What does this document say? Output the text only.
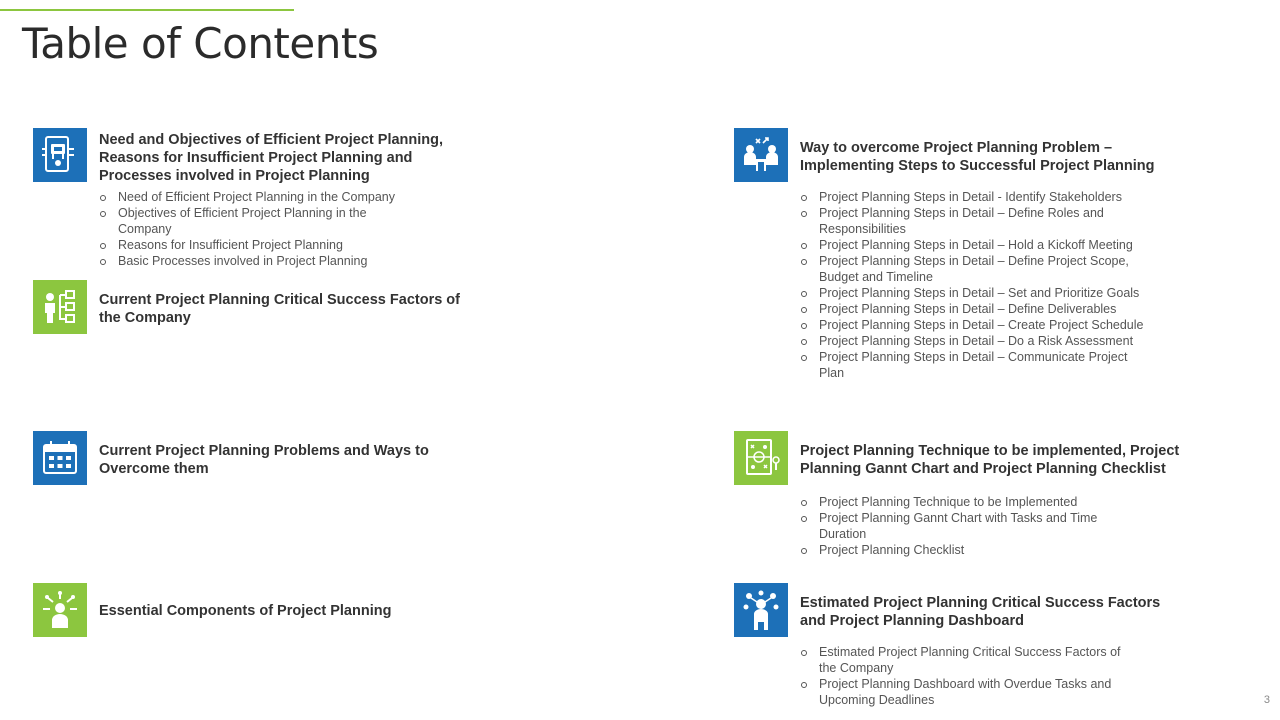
Table of Contents
Need and Objectives of Efficient Project Planning, Reasons for Insufficient Project Planning and Processes involved in Project Planning
Need of Efficient Project Planning in the Company
Objectives of Efficient Project Planning in the Company
Reasons for Insufficient Project Planning
Basic Processes involved in Project Planning
Current Project Planning Critical Success Factors of the Company
Current Project Planning Problems and Ways to Overcome them
Essential Components of Project Planning
Way to overcome Project Planning Problem – Implementing Steps to Successful Project Planning
Project Planning Steps in Detail - Identify Stakeholders
Project Planning Steps in Detail – Define Roles and Responsibilities
Project Planning Steps in Detail – Hold a Kickoff Meeting
Project Planning Steps in Detail – Define Project Scope, Budget and Timeline
Project Planning Steps in Detail – Set and Prioritize Goals
Project Planning Steps in Detail – Define Deliverables
Project Planning Steps in Detail – Create Project Schedule
Project Planning Steps in Detail – Do a Risk Assessment
Project Planning Steps in Detail – Communicate Project Plan
Project Planning Technique to be implemented, Project Planning Gannt Chart and Project Planning Checklist
Project Planning Technique to be Implemented
Project Planning Gannt Chart with Tasks and Time Duration
Project Planning Checklist
Estimated Project Planning Critical Success Factors and Project Planning Dashboard
Estimated Project Planning Critical Success Factors of the Company
Project Planning Dashboard with Overdue Tasks and Upcoming Deadlines	3
